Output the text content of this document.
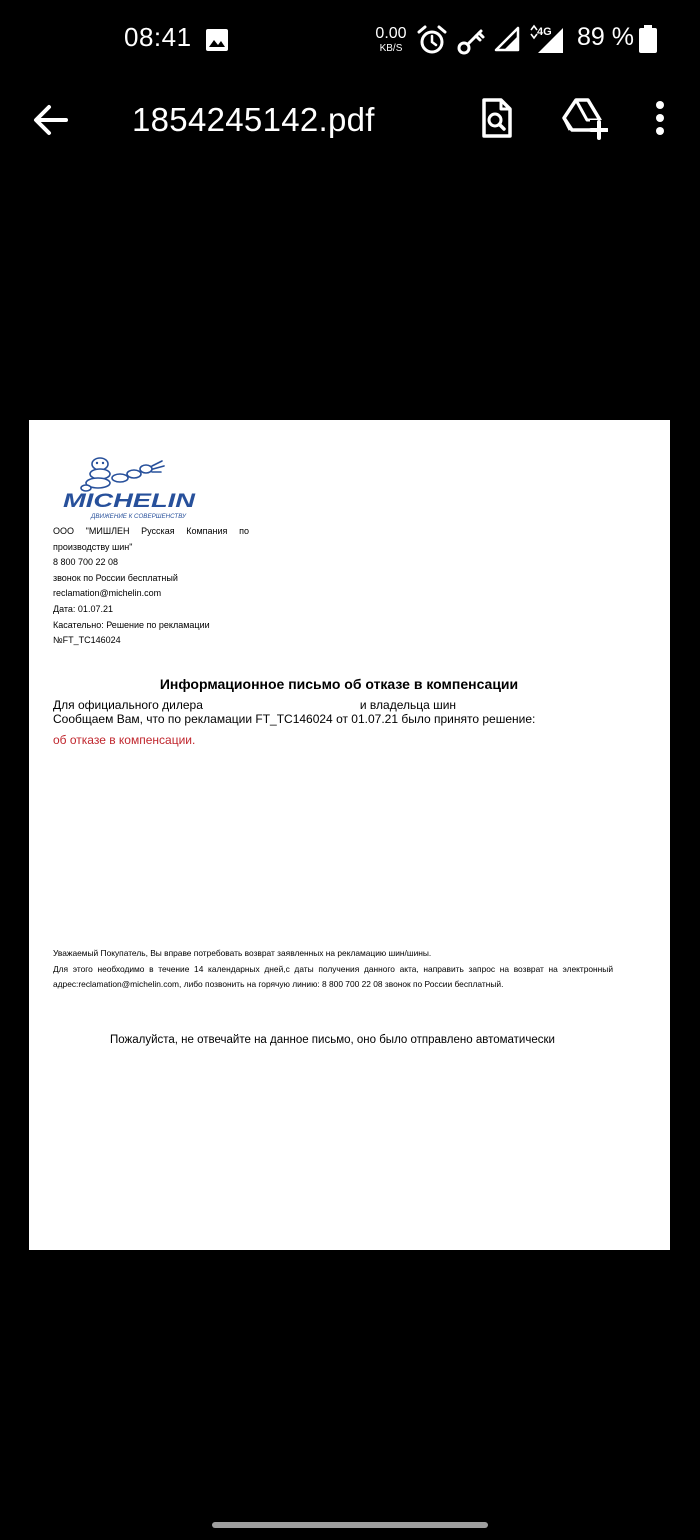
08:41	0.00
KB/S
4G 89 %
1854245142.pdf
MICHELIN
ДВИЖЕНИЕ К СОВЕРШЕНСТВУ
ООО "МИШЛЕН Русская Компания по
производству шин"
8 800 700 22 08
звонок по России бесплатный
reclamation@michelin.com
Дата: 01.07.21
Касательно: Решение по рекламации №FT_TC146024
Информационное письмо об отказе в компенсации
Для официального дилера	и владельца шин
Сообщаем Вам, что по рекламации FT_TC146024 от 01.07.21 было принято решение:
об отказе в компенсации.
Уважаемый Покупатель, Вы вправе потребовать возврат заявленных на рекламацию шин/шины.
Для этого необходимо в течение 14 календарных дней,с даты получения данного акта, направить запрос на возврат на электронный
адрес:reclamation@michelin.com, либо позвонить на горячую линию: 8 800 700 22 08 звонок по России бесплатный.
Пожалуйста, не отвечайте на данное письмо, оно было отправлено автоматически
